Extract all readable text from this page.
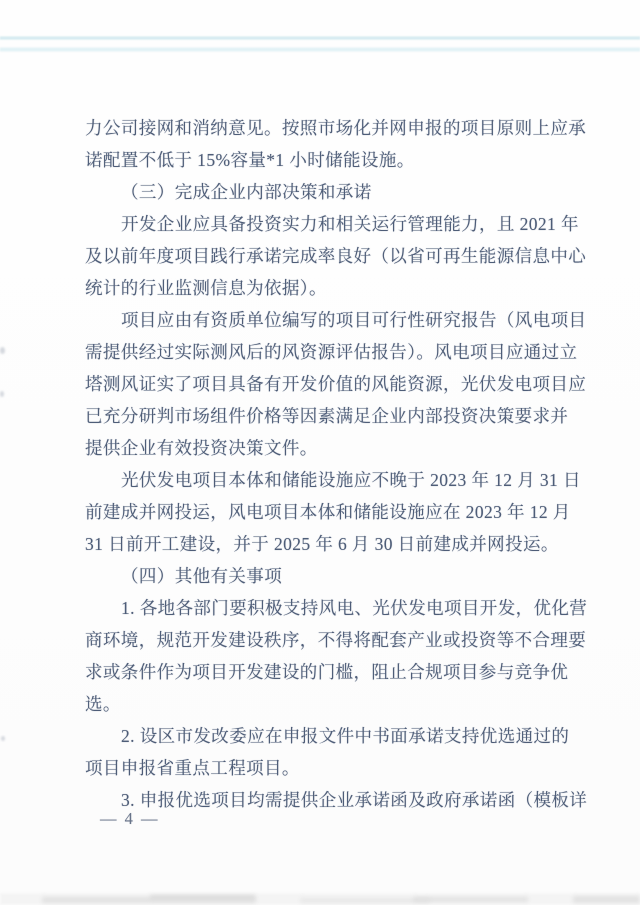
力公司接网和消纳意见。按照市场化并网申报的项目原则上应承
诺配置不低于 15%容量*1 小时储能设施。
（三）完成企业内部决策和承诺
开发企业应具备投资实力和相关运行管理能力，且 2021 年
及以前年度项目践行承诺完成率良好（以省可再生能源信息中心
统计的行业监测信息为依据）。
项目应由有资质单位编写的项目可行性研究报告（风电项目
需提供经过实际测风后的风资源评估报告）。风电项目应通过立
塔测风证实了项目具备有开发价值的风能资源，光伏发电项目应
已充分研判市场组件价格等因素满足企业内部投资决策要求并
提供企业有效投资决策文件。
光伏发电项目本体和储能设施应不晚于 2023 年 12 月 31 日
前建成并网投运，风电项目本体和储能设施应在 2023 年 12 月
31 日前开工建设，并于 2025 年 6 月 30 日前建成并网投运。
（四）其他有关事项
1. 各地各部门要积极支持风电、光伏发电项目开发，优化营
商环境，规范开发建设秩序，不得将配套产业或投资等不合理要
求或条件作为项目开发建设的门槛，阻止合规项目参与竞争优
选。
2. 设区市发改委应在申报文件中书面承诺支持优选通过的
项目申报省重点工程项目。
3. 申报优选项目均需提供企业承诺函及政府承诺函（模板详
— 4 —
